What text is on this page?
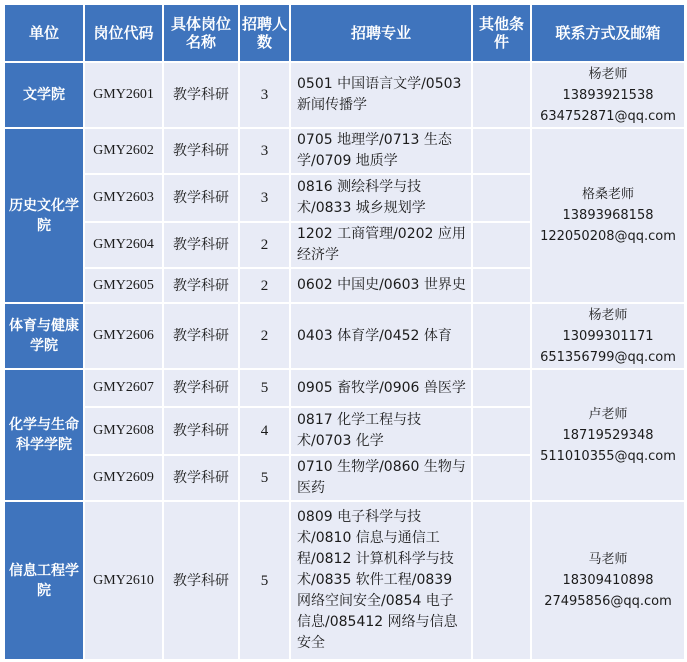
单位	岗位代码	具体岗位名称	招聘人数	招聘专业	其他条件	联系方式及邮箱
文学院	GMY2601	教学科研	3	0501 中国语言文学/0503 新闻传播学		杨老师
13893921538
634752871@qq.com

历史文化学院	GMY2602	教学科研	3	0705 地理学/0713 生态学/0709 地质学		格桑老师
13893968158
122050208@qq.com

	GMY2603	教学科研	3	0816 测绘科学与技术/0833 城乡规划学		
	GMY2604	教学科研	2	1202 工商管理/0202 应用经济学		
	GMY2605	教学科研	2	0602 中国史/0603 世界史		
体育与健康学院	GMY2606	教学科研	2	0403 体育学/0452 体育		杨老师
13099301171
651356799@qq.com

化学与生命科学学院	GMY2607	教学科研	5	0905 畜牧学/0906 兽医学		卢老师
18719529348
511010355@qq.com

	GMY2608	教学科研	4	0817 化学工程与技术/0703 化学		
	GMY2609	教学科研	5	0710 生物学/0860 生物与医药		
信息工程学院	GMY2610	教学科研	5	0809 电子科学与技术/0810 信息与通信工程/0812 计算机科学与技术/0835 软件工程/0839 网络空间安全/0854 电子信息/085412 网络与信息安全		马老师
18309410898
27495856@qq.com
